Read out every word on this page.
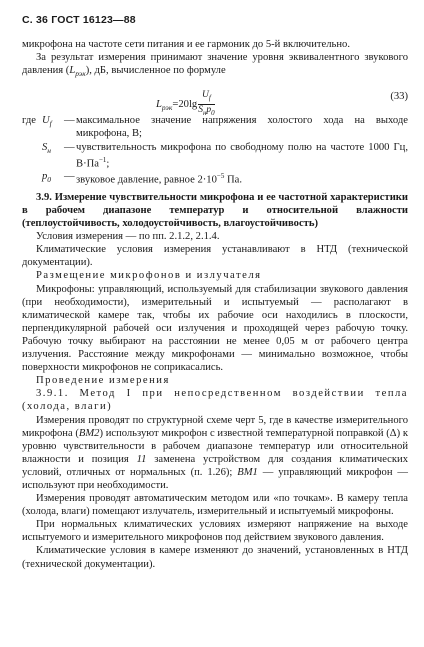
С. 36 ГОСТ 16123—88

микрофона на частоте сети питания и ее гармоник до 5-й включительно.

За результат измерения принимают значение уровня эквивалентного звукового давления $(L_{рэк})$, дБ, вычисленное по формуле

$L_{рэк}=20\lg \frac{U_f}{S_нp_0}$	(33)
где $U_f$	— максимальное значение напряжения холостого хода на выходе микрофона, В;
$S_н$	— чувствительность микрофона по свободному полю на частоте 1000 Гц, $В\cdot Па^{-1}$;
$p_0$	— звуковое давление, равное $2\cdot 10^{-5}$ Па.

3.9. Измерение чувствительности микрофона и ее частотной характеристики в рабочем диапазоне температур и относительной влажности (теплоустойчивость, холодоустойчивость, влагоустойчивость)

Условия измерения — по пп. 2.1.2, 2.1.4.

Климатические условия измерения устанавливают в НТД (технической документации).

Размещение микрофонов и излучателя

Микрофоны: управляющий, используемый для стабилизации звукового давления (при необходимости), измерительный и испытуемый — располагают в климатической камере так, чтобы их рабочие оси находились в плоскости, перпендикулярной рабочей оси излучения и проходящей через рабочую точку. Рабочую точку выбирают на расстоянии не менее 0,05 м от рабочего центра излучения. Расстояние между микрофонами — минимально возможное, чтобы поверхности микрофонов не соприкасались.

Проведение измерения

3.9.1. Метод I при непосредственном воздействии тепла (холода, влаги)

Измерения проводят по структурной схеме черт 5, где в качестве измерительного микрофона (ВМ2) используют микрофон с известной температурной поправкой (Δ) к уровню чувствительности в рабочем диапазоне температур или относительной влажности и позиция 11 заменена устройством для создания климатических условий, отличных от нормальных (п. 1.26); ВМ1 — управляющий микрофон — используют при необходимости.

Измерения проводят автоматическим методом или «по точкам». В камеру тепла (холода, влаги) помещают излучатель, измерительный и испытуемый микрофоны.

При нормальных климатических условиях измеряют напряжение на выходе испытуемого и измерительного микрофонов под действием звукового давления.

Климатические условия в камере изменяют до значений, установленных в НТД (технической документации).
